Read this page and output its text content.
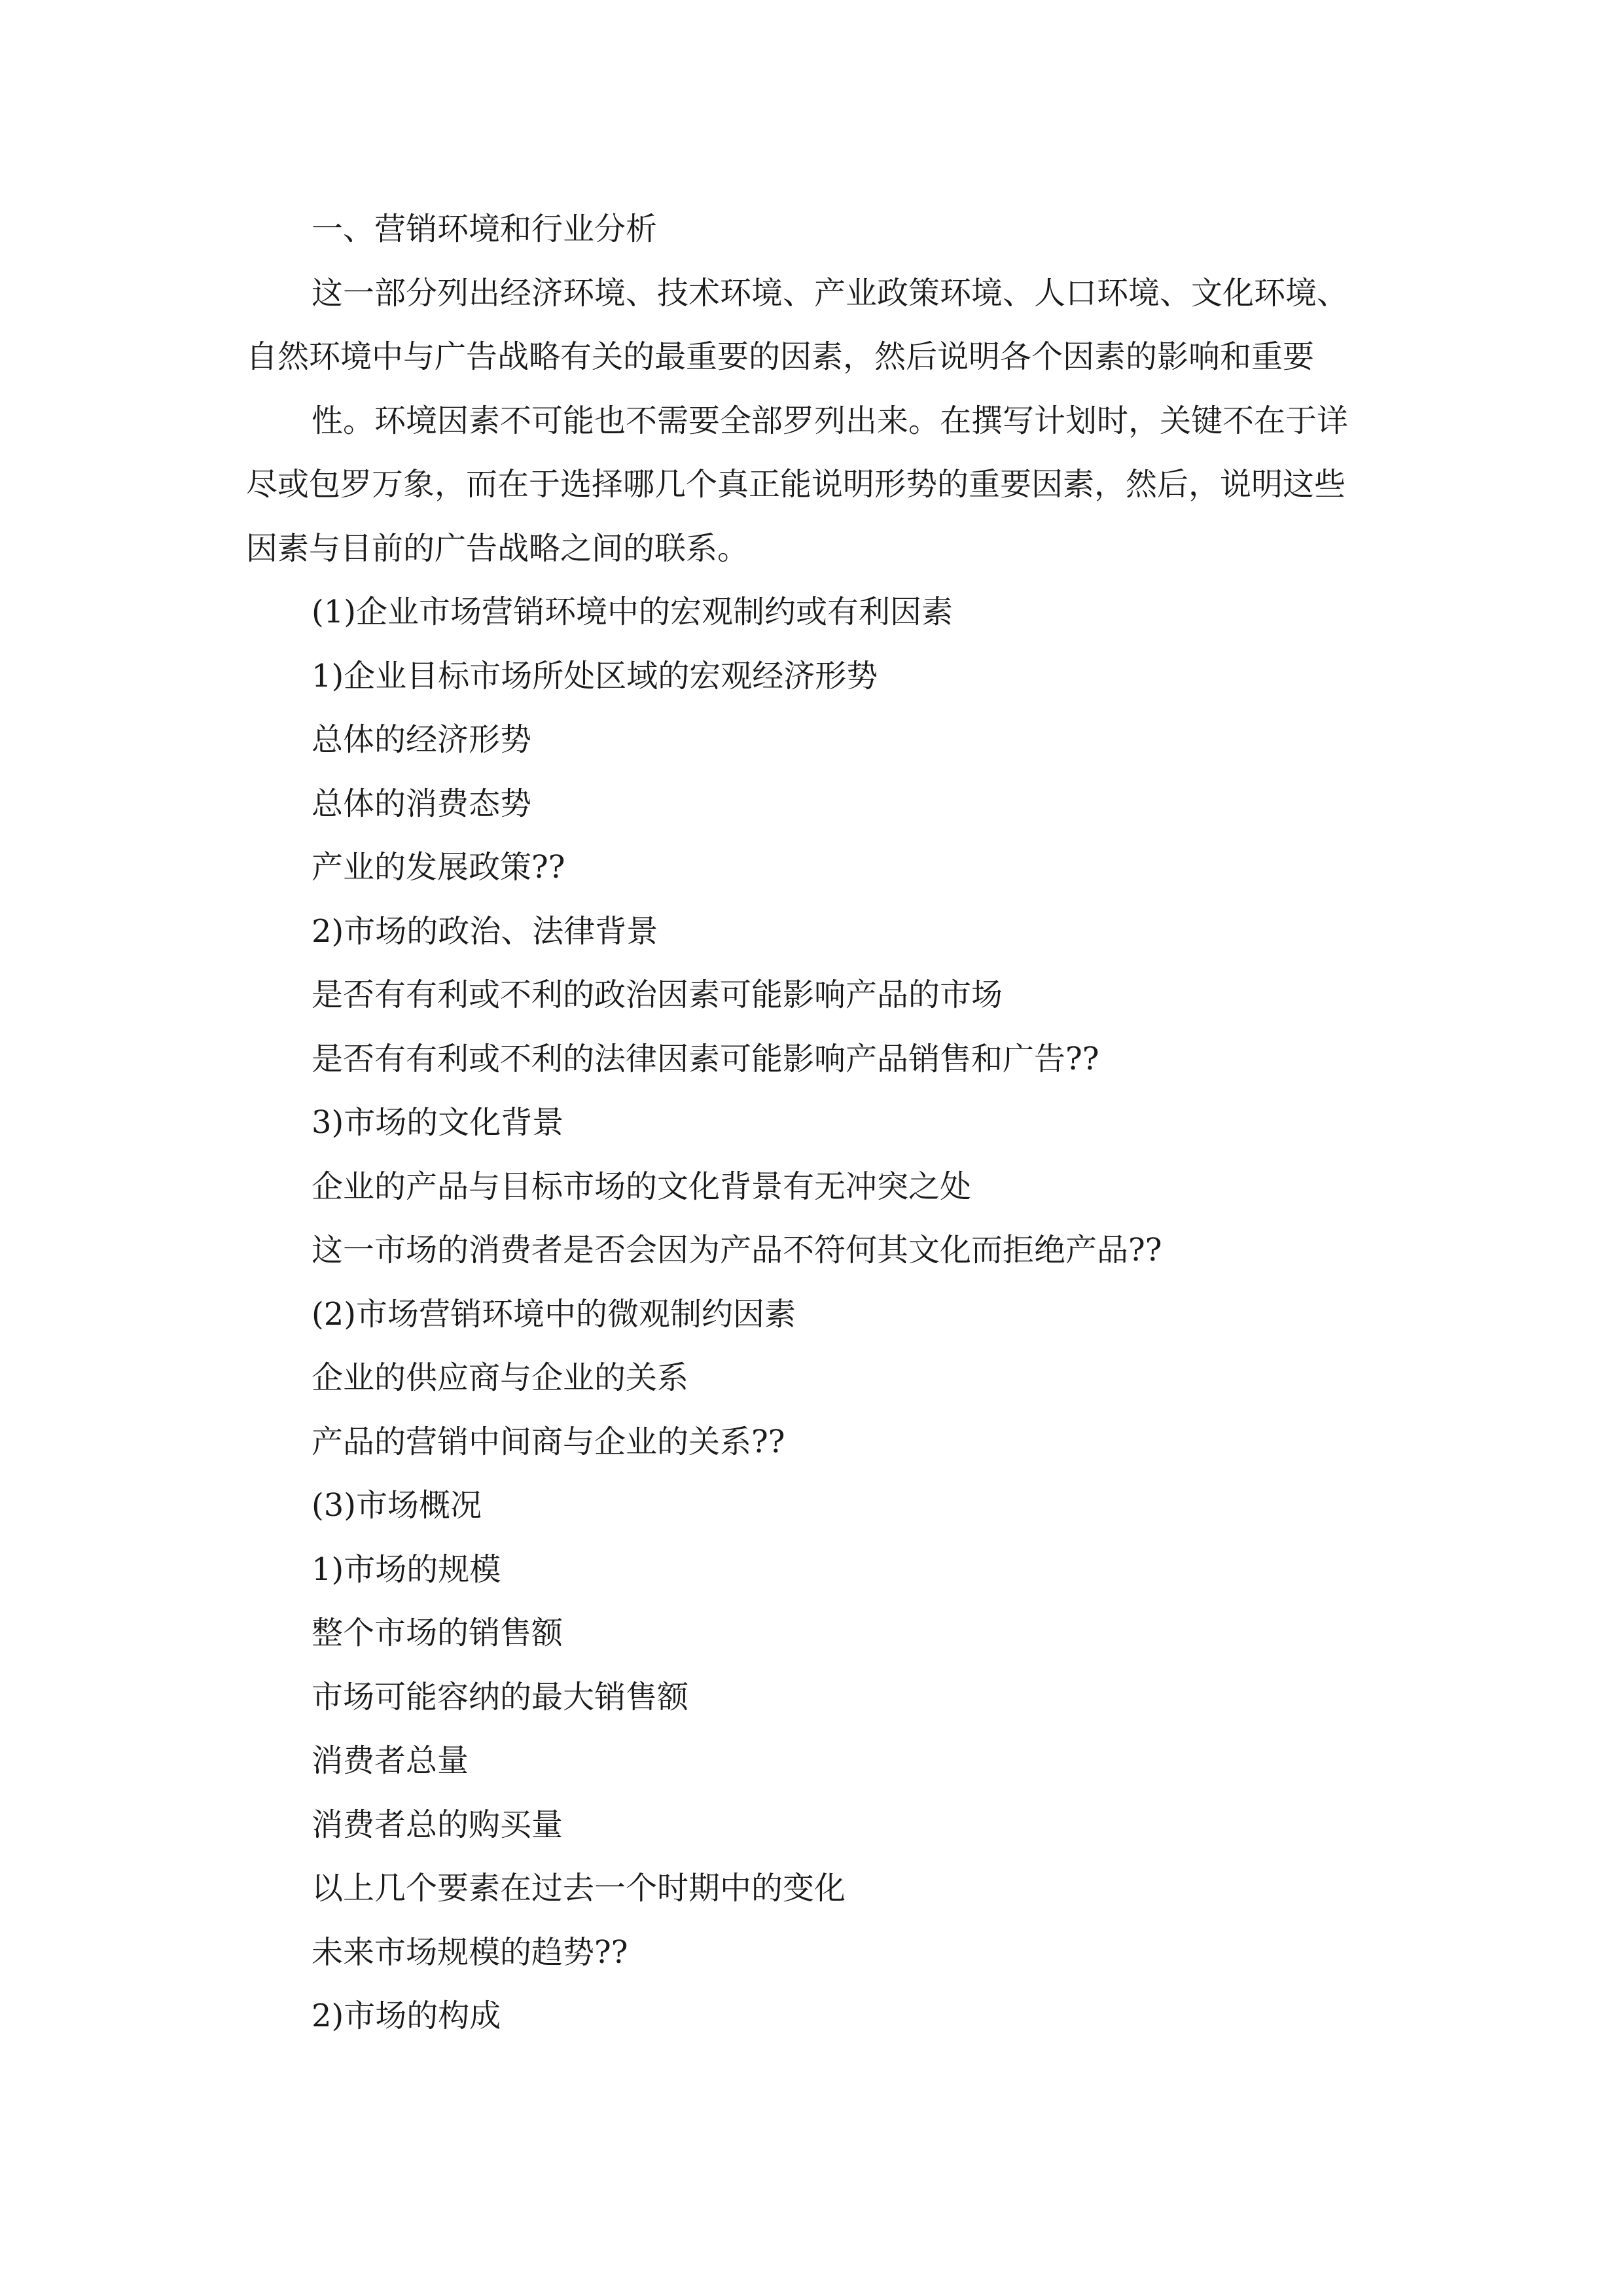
一、营销环境和行业分析
这一部分列出经济环境、技术环境、产业政策环境、人口环境、文化环境、
自然环境中与广告战略有关的最重要的因素，然后说明各个因素的影响和重要
性。环境因素不可能也不需要全部罗列出来。在撰写计划时，关键不在于详
尽或包罗万象，而在于选择哪几个真正能说明形势的重要因素，然后，说明这些
因素与目前的广告战略之间的联系。
(1)企业市场营销环境中的宏观制约或有利因素
1)企业目标市场所处区域的宏观经济形势
总体的经济形势
总体的消费态势
产业的发展政策??
2)市场的政治、法律背景
是否有有利或不利的政治因素可能影响产品的市场
是否有有利或不利的法律因素可能影响产品销售和广告??
3)市场的文化背景
企业的产品与目标市场的文化背景有无冲突之处
这一市场的消费者是否会因为产品不符何其文化而拒绝产品??
(2)市场营销环境中的微观制约因素
企业的供应商与企业的关系
产品的营销中间商与企业的关系??
(3)市场概况
1)市场的规模
整个市场的销售额
市场可能容纳的最大销售额
消费者总量
消费者总的购买量
以上几个要素在过去一个时期中的变化
未来市场规模的趋势??
2)市场的构成
